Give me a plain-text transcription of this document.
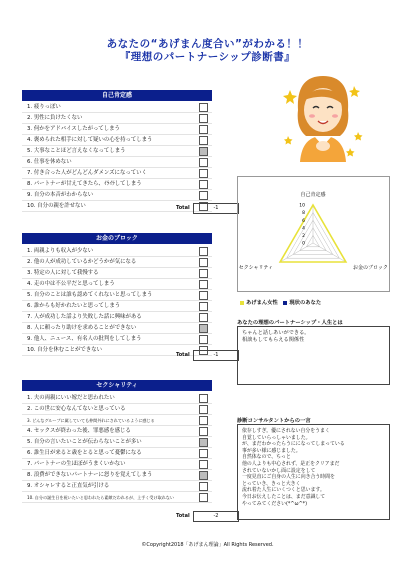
あなたの“あげまん度合い”がわかる！！
『理想のパートナーシップ診断書』
自己肯定感
1. 疲りっぽい
2. 男性に負けたくない
3. 何かをアドバイスしたがってしまう
4. 褒められた相手に対して疑いの心を持ってしまう
5. 大事なことほど言えなくなってしまう
6. 仕事を休めない
7. 付き合った人がどんどんダメンズになっていく
8. パートナーが甘えてきたら、ｲﾗｲﾗしてしまう
9. 自分の本音がわからない
10. 自分の親を許せない	Total	-1
お金のブロック
1. 両親よりも収入が少ない
2. 他の人が成功しているかどうかが気になる
3. 特定の人に対して我慢する
4. 走の中は不公平だと思ってしまう
5. 自分のことは誰も認めてくれないと思ってしまう
6. 誰からも好かれたいと思ってしまう
7. 人が成功した話より失敗した話に興味がある
8. 人に頼ったり助けを求めることができない
9. 他人、ニュース、有名人の批判をしてしまう
10. 自分を休むことができない
Total	-1
セクシャリティ
1. 夫の両親にいい嫁だと思われたい
2. この世に安心なんてないと思っている
3. どんなグループに属していても仲間外れにされているように感じる
4. セックスが終わった後、罪悪感を感じる
5. 自分の言いたいことが伝わらないことが多い
6. 誰生日が来ると歳をとると思って憂鬱になる
7. パートナーの生ほぼがうまくいかない
8. 浪費ができないパートナーに怒りを覚えてしまう
9. オシャレすると正直気が引ける
10. 自分の誕生日を祝いたいと思われたら素敵だわれるが、上手く受け取れない
Total	-2
10
8
6
4
2
0
自己肯定感
お金のブロック
セクシャリティ
あげまん女性 現状のあなた
あなたの理想のパートナーシップ・人生とは
ちゃんと話しあいができる。
相談もしてもらえる関係性
診断コンサルタントからの一言
依存しすぎ。優にされない自分をうまく
自覚していらっしゃいました。
が、まだわかったらうにになってしまっている
事が多い様に感じました。
自然体なので、ちっと
他の人よりも中心されず、是正をクリアまだ
されていないかし面に設定をして
一度見直にご自身の人生に向き合う時間を
とっていき、きっと大きく
流れ着た人生にいくつくと思います。
今日お伝えしたことは、まだ意識して
やってみてください(*^ω^*)
©Copyright2018「あげまん理論」All Rights Reserved.
